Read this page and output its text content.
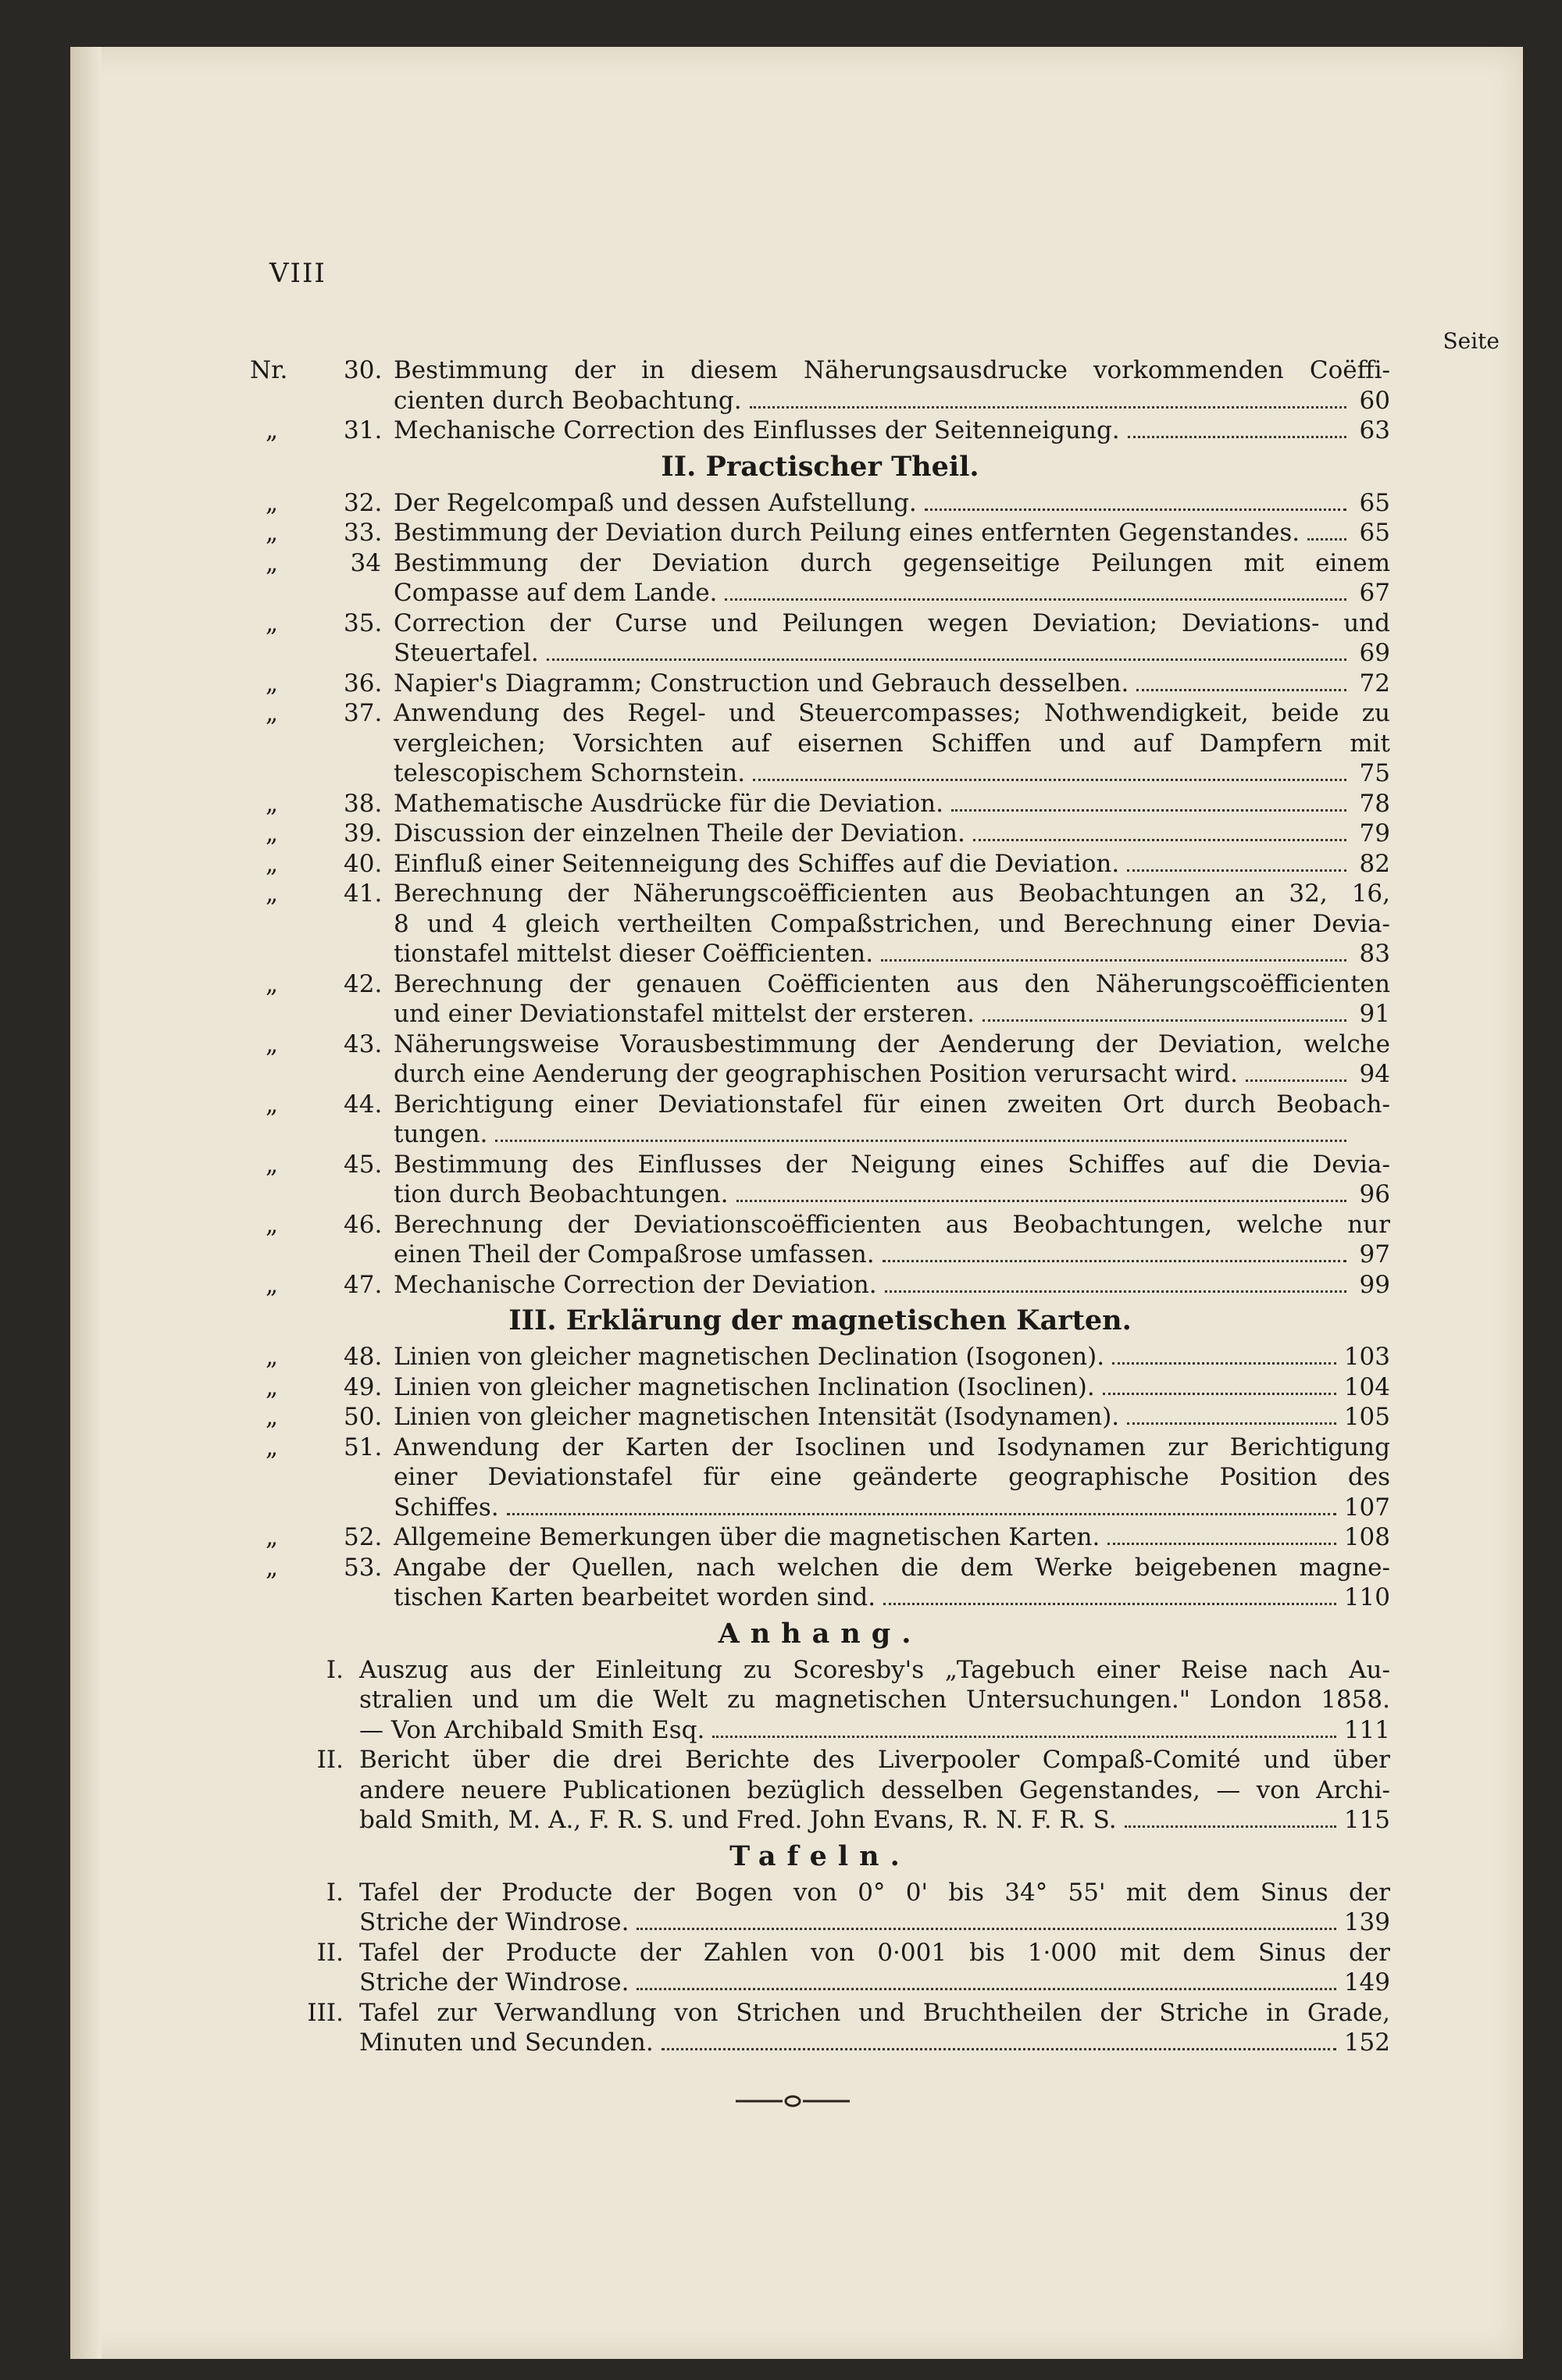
VIII
Seite
Nr.	30. Bestimmung der in diesem Näherungsausdrucke vorkommenden Coëffi-
cienten durch Beobachtung.	60
„	31. Mechanische Correction des Einflusses der Seitenneigung.	63
II. Practischer Theil.
„	32. Der Regelcompaß und dessen Aufstellung.	65
„	33. Bestimmung der Deviation durch Peilung eines entfernten Gegenstandes. 65
„	34 Bestimmung der Deviation durch gegenseitige Peilungen mit einem
Compasse auf dem Lande.	67
„	35. Correction der Curse und Peilungen wegen Deviation; Deviations- und
Steuertafel.	69
„	36. Napier's Diagramm; Construction und Gebrauch desselben.	72
„	37. Anwendung des Regel- und Steuercompasses; Nothwendigkeit, beide zu
vergleichen; Vorsichten auf eisernen Schiffen und auf Dampfern mit
telescopischem Schornstein.	75
„	38. Mathematische Ausdrücke für die Deviation.	78
„	39. Discussion der einzelnen Theile der Deviation.	79
„	40. Einfluß einer Seitenneigung des Schiffes auf die Deviation.	82
„	41. Berechnung der Näherungscoëfficienten aus Beobachtungen an 32, 16,
8 und 4 gleich vertheilten Compaßstrichen, und Berechnung einer Devia-
tionstafel mittelst dieser Coëfficienten.	83
„	42. Berechnung der genauen Coëfficienten aus den Näherungscoëfficienten
und einer Deviationstafel mittelst der ersteren.	91
„	43. Näherungsweise Vorausbestimmung der Aenderung der Deviation, welche
durch eine Aenderung der geographischen Position verursacht wird.	94
„	44. Berichtigung einer Deviationstafel für einen zweiten Ort durch Beobach-
tungen.
„	45. Bestimmung des Einflusses der Neigung eines Schiffes auf die Devia-
tion durch Beobachtungen.	96
„	46. Berechnung der Deviationscoëfficienten aus Beobachtungen, welche nur
einen Theil der Compaßrose umfassen.	97
„	47. Mechanische Correction der Deviation.	99
III. Erklärung der magnetischen Karten.
„	48. Linien von gleicher magnetischen Declination (Isogonen).	103
„	49. Linien von gleicher magnetischen Inclination (Isoclinen).	104
„	50. Linien von gleicher magnetischen Intensität (Isodynamen).	105
„	51. Anwendung der Karten der Isoclinen und Isodynamen zur Berichtigung
einer Deviationstafel für eine geänderte geographische Position des
Schiffes.	107
„	52. Allgemeine Bemerkungen über die magnetischen Karten.	108
„	53. Angabe der Quellen, nach welchen die dem Werke beigebenen magne-
tischen Karten bearbeitet worden sind.	110
Anhang.
I. Auszug aus der Einleitung zu Scoresby's „Tagebuch einer Reise nach Au-
stralien und um die Welt zu magnetischen Untersuchungen." London 1858.
— Von Archibald Smith Esq.	111
II. Bericht über die drei Berichte des Liverpooler Compaß-Comité und über
andere neuere Publicationen bezüglich desselben Gegenstandes, — von Archi-
bald Smith, M. A., F. R. S. und Fred. John Evans, R. N. F. R. S.	115
Tafeln.
I. Tafel der Producte der Bogen von 0° 0' bis 34° 55' mit dem Sinus der
Striche der Windrose.	139
II. Tafel der Producte der Zahlen von 0·001 bis 1·000 mit dem Sinus der
Striche der Windrose.	149
III. Tafel zur Verwandlung von Strichen und Bruchtheilen der Striche in Grade,
Minuten und Secunden.	152
